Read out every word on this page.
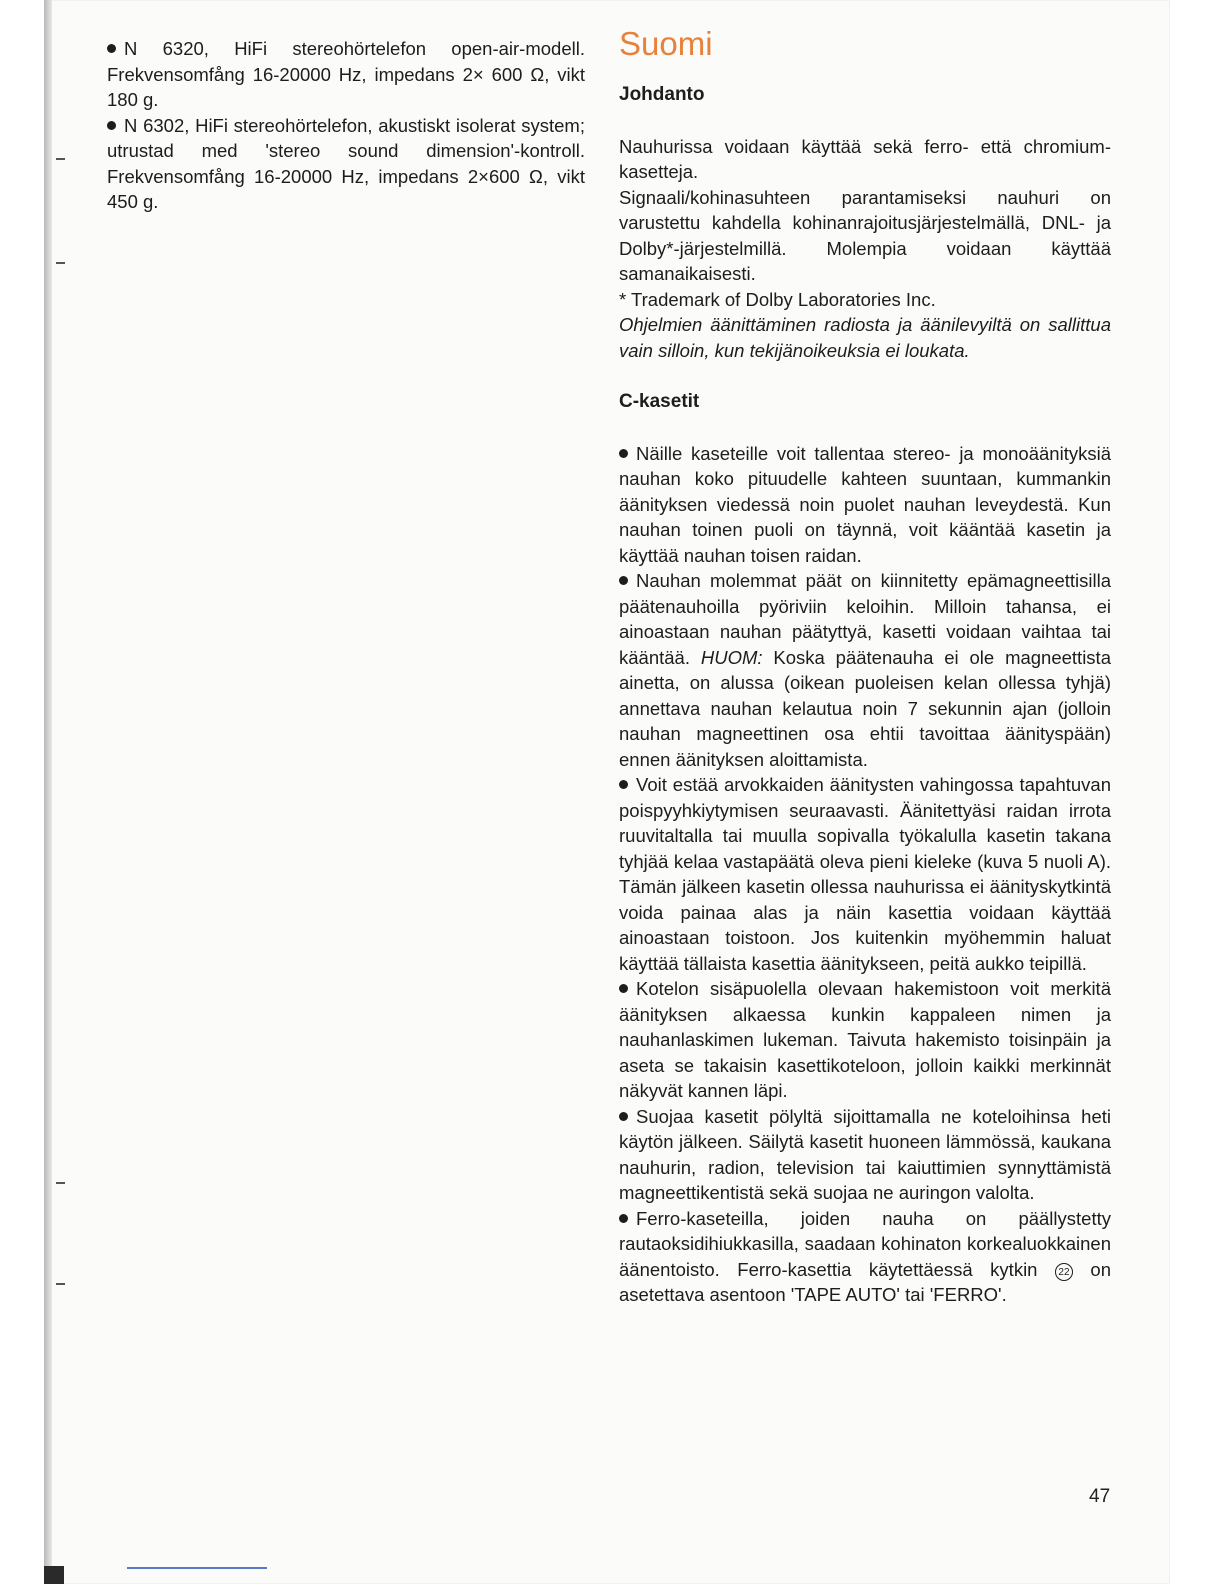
N 6320, HiFi stereohörtelefon open-air-modell. Frekvensomfång 16-20000 Hz, impedans 2× 600 Ω, vikt 180 g.

N 6302, HiFi stereohörtelefon, akustiskt isolerat system; utrustad med 'stereo sound dimension'-kontroll. Frekvensomfång 16-20000 Hz, impedans 2×600 Ω, vikt 450 g.

Suomi
Johdanto

Nauhurissa voidaan käyttää sekä ferro- että chromium-kasetteja.

Signaali/kohinasuhteen parantamiseksi nauhuri on varustettu kahdella kohinanrajoitusjärjestelmällä, DNL- ja Dolby*-järjestelmillä. Molempia voidaan käyttää samanaikaisesti.

* Trademark of Dolby Laboratories Inc.

Ohjelmien äänittäminen radiosta ja äänilevyiltä on sallittua vain silloin, kun tekijänoikeuksia ei loukata.

C-kasetit

Näille kaseteille voit tallentaa stereo- ja monoäänityksiä nauhan koko pituudelle kahteen suuntaan, kummankin äänityksen viedessä noin puolet nauhan leveydestä. Kun nauhan toinen puoli on täynnä, voit kääntää kasetin ja käyttää nauhan toisen raidan.

Nauhan molemmat päät on kiinnitetty epämagneettisilla päätenauhoilla pyöriviin keloihin. Milloin tahansa, ei ainoastaan nauhan päätyttyä, kasetti voidaan vaihtaa tai kääntää. HUOM: Koska päätenauha ei ole magneettista ainetta, on alussa (oikean puoleisen kelan ollessa tyhjä) annettava nauhan kelautua noin 7 sekunnin ajan (jolloin nauhan magneettinen osa ehtii tavoittaa äänityspään) ennen äänityksen aloittamista.

Voit estää arvokkaiden äänitysten vahingossa tapahtuvan poispyyhkiytymisen seuraavasti. Äänitettyäsi raidan irrota ruuvitaltalla tai muulla sopivalla työkalulla kasetin takana tyhjää kelaa vastapäätä oleva pieni kieleke (kuva 5 nuoli A). Tämän jälkeen kasetin ollessa nauhurissa ei äänityskytkintä voida painaa alas ja näin kasettia voidaan käyttää ainoastaan toistoon. Jos kuitenkin myöhemmin haluat käyttää tällaista kasettia äänitykseen, peitä aukko teipillä.

Kotelon sisäpuolella olevaan hakemistoon voit merkitä äänityksen alkaessa kunkin kappaleen nimen ja nauhanlaskimen lukeman. Taivuta hakemisto toisinpäin ja aseta se takaisin kasettikoteloon, jolloin kaikki merkinnät näkyvät kannen läpi.

Suojaa kasetit pölyltä sijoittamalla ne koteloihinsa heti käytön jälkeen. Säilytä kasetit huoneen lämmössä, kaukana nauhurin, radion, television tai kaiuttimien synnyttämistä magneettikentistä sekä suojaa ne auringon valolta.

Ferro-kaseteilla, joiden nauha on päällystetty rautaoksidihiukkasilla, saadaan kohinaton korkealuokkainen äänentoisto. Ferro-kasettia käytettäessä kytkin 22 on asetettava asentoon 'TAPE AUTO' tai 'FERRO'.

47
